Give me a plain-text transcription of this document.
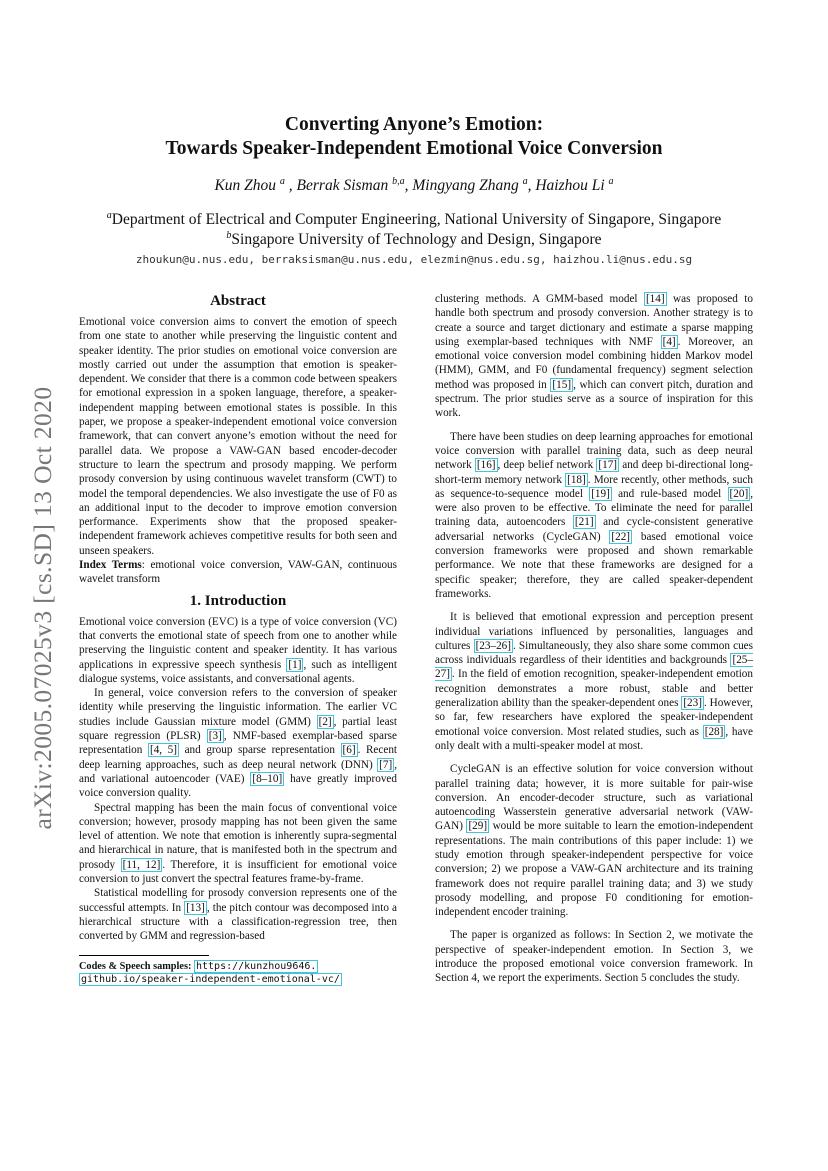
arXiv:2005.07025v3 [cs.SD] 13 Oct 2020
Converting Anyone’s Emotion:
Towards Speaker-Independent Emotional Voice Conversion
Kun Zhou $^a$ , Berrak Sisman $^{b,a}$, Mingyang Zhang $^a$, Haizhou Li $^a$
$^a$Department of Electrical and Computer Engineering, National University of Singapore, Singapore
$^b$Singapore University of Technology and Design, Singapore
zhoukun@u.nus.edu, berraksisman@u.nus.edu, elezmin@nus.edu.sg, haizhou.li@nus.edu.sg
Abstract

Emotional voice conversion aims to convert the emotion of speech from one state to another while preserving the linguistic content and speaker identity. The prior studies on emotional voice conversion are mostly carried out under the assumption that emotion is speaker-dependent. We consider that there is a common code between speakers for emotional expression in a spoken language, therefore, a speaker-independent mapping between emotional states is possible. In this paper, we propose a speaker-independent emotional voice conversion framework, that can convert anyone’s emotion without the need for parallel data. We propose a VAW-GAN based encoder-decoder structure to learn the spectrum and prosody mapping. We perform prosody conversion by using continuous wavelet transform (CWT) to model the temporal dependencies. We also investigate the use of F0 as an additional input to the decoder to improve emotion conversion performance. Experiments show that the proposed speaker-independent framework achieves competitive results for both seen and unseen speakers.
Index Terms: emotional voice conversion, VAW-GAN, continuous wavelet transform

1. Introduction

Emotional voice conversion (EVC) is a type of voice conversion (VC) that converts the emotional state of speech from one to another while preserving the linguistic content and speaker identity. It has various applications in expressive speech synthesis [1] , such as intelligent dialogue systems, voice assistants, and conversational agents.

In general, voice conversion refers to the conversion of speaker identity while preserving the linguistic information. The earlier VC studies include Gaussian mixture model (GMM) [2] , partial least square regression (PLSR) [3] , NMF-based exemplar-based sparse representation [4, 5] and group sparse representation [6] . Recent deep learning approaches, such as deep neural network (DNN) [7] , and variational autoencoder (VAE) [8–10] have greatly improved voice conversion quality.

Spectral mapping has been the main focus of conventional voice conversion; however, prosody mapping has not been given the same level of attention. We note that emotion is inherently supra-segmental and hierarchical in nature, that is manifested both in the spectrum and prosody [11, 12] . Therefore, it is insufficient for emotional voice conversion to just convert the spectral features frame-by-frame.

Statistical modelling for prosody conversion represents one of the successful attempts. In [13] , the pitch contour was decomposed into a hierarchical structure with a classification-regression tree, then converted by GMM and regression-based

Codes & Speech samples: https://kunzhou9646.
github.io/speaker-independent-emotional-vc/

clustering methods. A GMM-based model [14] was proposed to handle both spectrum and prosody conversion. Another strategy is to create a source and target dictionary and estimate a sparse mapping using exemplar-based techniques with NMF [4] . Moreover, an emotional voice conversion model combining hidden Markov model (HMM), GMM, and F0 (fundamental frequency) segment selection method was proposed in [15] , which can convert pitch, duration and spectrum. The prior studies serve as a source of inspiration for this work.

There have been studies on deep learning approaches for emotional voice conversion with parallel training data, such as deep neural network [16] , deep belief network [17] and deep bi-directional long-short-term memory network [18] . More recently, other methods, such as sequence-to-sequence model [19] and rule-based model [20] , were also proven to be effective. To eliminate the need for parallel training data, autoencoders [21] and cycle-consistent generative adversarial networks (CycleGAN) [22] based emotional voice conversion frameworks were proposed and shown remarkable performance. We note that these frameworks are designed for a specific speaker; therefore, they are called speaker-dependent frameworks.

It is believed that emotional expression and perception present individual variations influenced by personalities, languages and cultures [23–26] . Simultaneously, they also share some common cues across individuals regardless of their identities and backgrounds [25–27] . In the field of emotion recognition, speaker-independent emotion recognition demonstrates a more robust, stable and better generalization ability than the speaker-dependent ones [23] . However, so far, few researchers have explored the speaker-independent emotional voice conversion. Most related studies, such as [28] , have only dealt with a multi-speaker model at most.

CycleGAN is an effective solution for voice conversion without parallel training data; however, it is more suitable for pair-wise conversion. An encoder-decoder structure, such as variational autoencoding Wasserstein generative adversarial network (VAW-GAN) [29] would be more suitable to learn the emotion-independent representations. The main contributions of this paper include: 1) we study emotion through speaker-independent perspective for voice conversion; 2) we propose a VAW-GAN architecture and its training framework does not require parallel training data; and 3) we study prosody modelling, and propose F0 conditioning for emotion-independent encoder training.

The paper is organized as follows: In Section 2, we motivate the perspective of speaker-independent emotion. In Section 3, we introduce the proposed emotional voice conversion framework. In Section 4, we report the experiments. Section 5 concludes the study.
